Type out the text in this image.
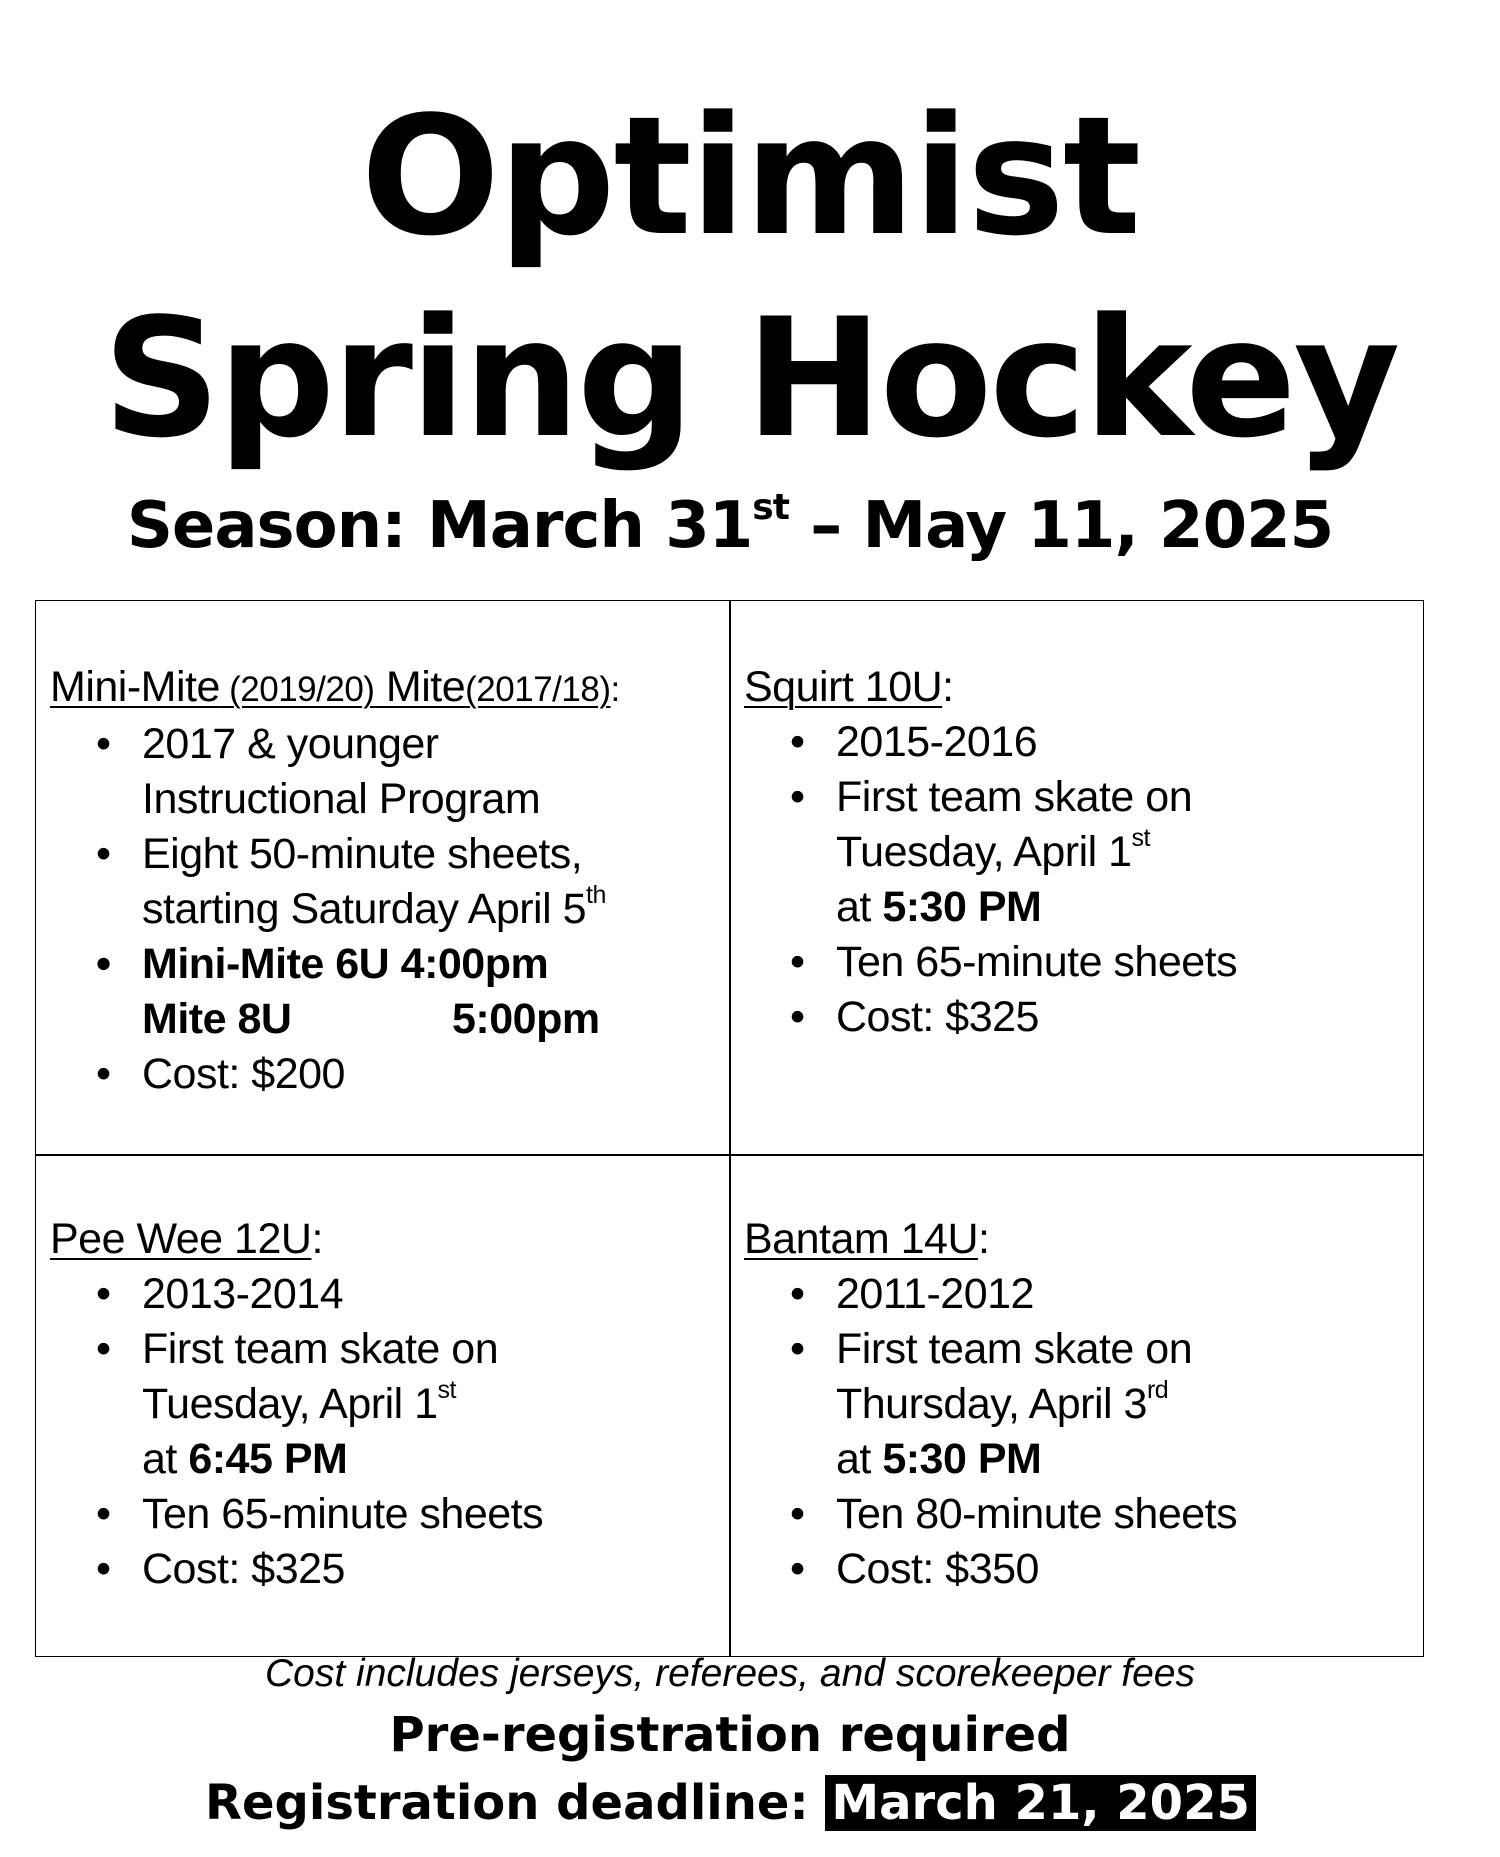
Optimist
Spring Hockey
Season: March 31st – May 11, 2025
Mini-Mite (2019/20) Mite(2017/18):
• 2017 & younger
Instructional Program
• Eight 50-minute sheets,
starting Saturday April 5th
• Mini-Mite 6U 4:00pm
Mite 8U	5:00pm
• Cost: $200
Squirt 10U:
• 2015-2016
• First team skate on
Tuesday, April 1st
at 5:30 PM
• Ten 65-minute sheets
• Cost: $325
Pee Wee 12U:
• 2013-2014
• First team skate on
Tuesday, April 1st
at 6:45 PM
• Ten 65-minute sheets
• Cost: $325
Bantam 14U:
• 2011-2012
• First team skate on
Thursday, April 3rd
at 5:30 PM
• Ten 80-minute sheets
• Cost: $350
Cost includes jerseys, referees, and scorekeeper fees
Pre-registration required
Registration deadline: March 21, 2025
